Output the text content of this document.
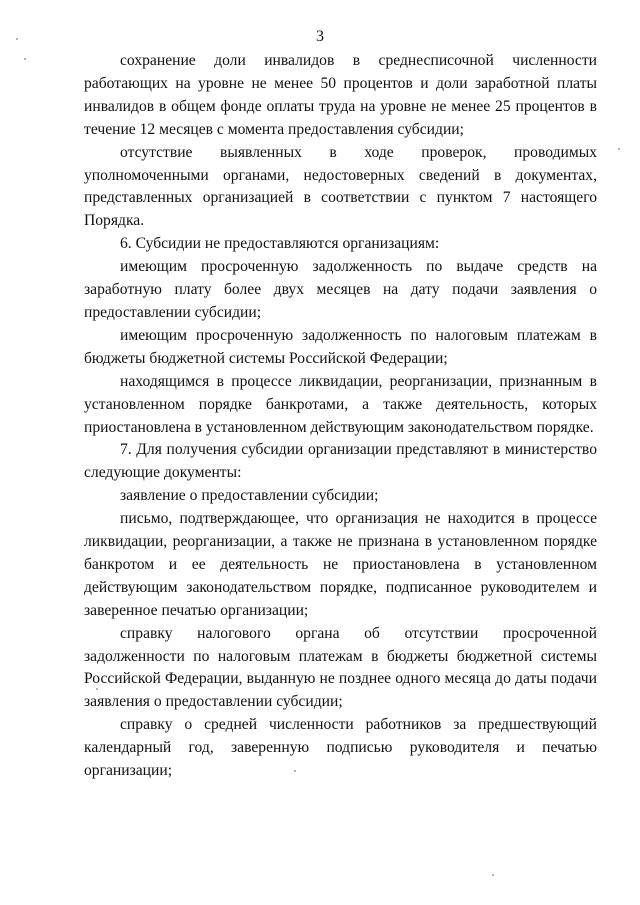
3

сохранение доли инвалидов в среднесписочной численности работающих на уровне не менее 50 процентов и доли заработной платы инвалидов в общем фонде оплаты труда на уровне не менее 25 процентов в течение 12 месяцев с момента предоставления субсидии;

отсутствие выявленных в ходе проверок, проводимых уполномоченными органами, недостоверных сведений в документах, представленных организацией в соответствии с пунктом 7 настоящего Порядка.

6. Субсидии не предоставляются организациям:

имеющим просроченную задолженность по выдаче средств на заработную плату более двух месяцев на дату подачи заявления о предоставлении субсидии;

имеющим просроченную задолженность по налоговым платежам в бюджеты бюджетной системы Российской Федерации;

находящимся в процессе ликвидации, реорганизации, признанным в установленном порядке банкротами, а также деятельность, которых приостановлена в установленном действующим законодательством порядке.

7. Для получения субсидии организации представляют в министерство следующие документы:

заявление о предоставлении субсидии;

письмо, подтверждающее, что организация не находится в процессе ликвидации, реорганизации, а также не признана в установленном порядке банкротом и ее деятельность не приостановлена в установленном действующим законодательством порядке, подписанное руководителем и заверенное печатью организации;

справку налогового органа об отсутствии просроченной задолженности по налоговым платежам в бюджеты бюджетной системы Российской Федерации, выданную не позднее одного месяца до даты подачи заявления о предоставлении субсидии;

справку о средней численности работников за предшествующий календарный год, заверенную подписью руководителя и печатью организации;
